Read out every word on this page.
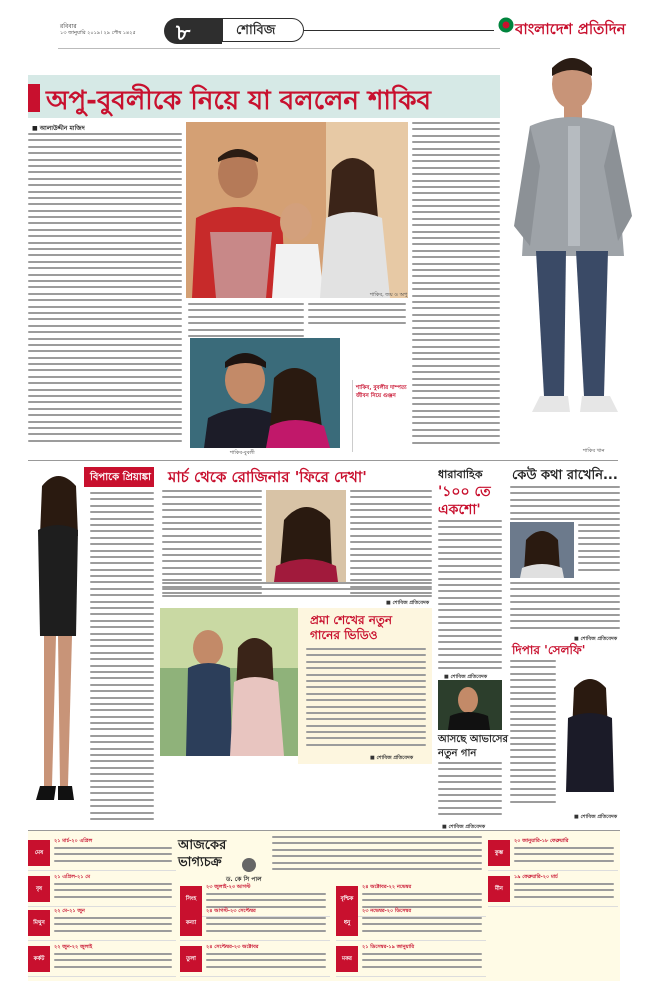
রবিবার
১৩ জানুয়ারি ২০১৯। ২৯ পৌষ ১৪২৫ ৮	শোবিজ	বাংলাদেশ প্রতিদিন
অপু-বুবলীকে নিয়ে যা বললেন শাকিব
শাকিব খান
■ আলাউদ্দীন মাজিদ
শাকিব, জয় ও অপু
শাকিব-বুবলী
শাকিব, বুবলীর দাম্পত্য জীবন নিয়ে গুঞ্জন
বিপাকে প্রিয়াঙ্কা মার্চ থেকে রোজিনার 'ফিরে দেখা'
■ শোবিজ প্রতিবেদক
প্রমা শেখের নতুন
গানের ভিডিও
■ শোবিজ প্রতিবেদক
ধারাবাহিক
'১০০ তে
একশো'
■ শোবিজ প্রতিবেদক
কেউ কথা রাখেনি...
■ শোবিজ প্রতিবেদক
আসছে আভাসের
নতুন গান
■ শোবিজ প্রতিবেদক
দিপার 'সেলফি'
■ শোবিজ প্রতিবেদক
আজকের
ভাগ্যচক্র
ড. কে সি পাল
মেষ
২১ মার্চ-২০ এপ্রিল
বৃষ
২১ এপ্রিল-২১ মে
মিথুন
২২ মে-২১ জুন
কর্কট
২২ জুন-২২ জুলাই
সিংহ
২৩ জুলাই-২৩ আগস্ট
কন্যা
২৪ আগস্ট-২৩ সেপ্টেম্বর
তুলা
২৪ সেপ্টেম্বর-২৩ অক্টোবর
বৃশ্চিক
২৪ অক্টোবর-২২ নভেম্বর
ধনু
২৩ নভেম্বর-২০ ডিসেম্বর
মকর
২১ ডিসেম্বর-১৯ জানুয়ারি
কুম্ভ
২০ জানুয়ারি-১৮ ফেব্রুয়ারি
মীন
১৯ ফেব্রুয়ারি-২০ মার্চ
